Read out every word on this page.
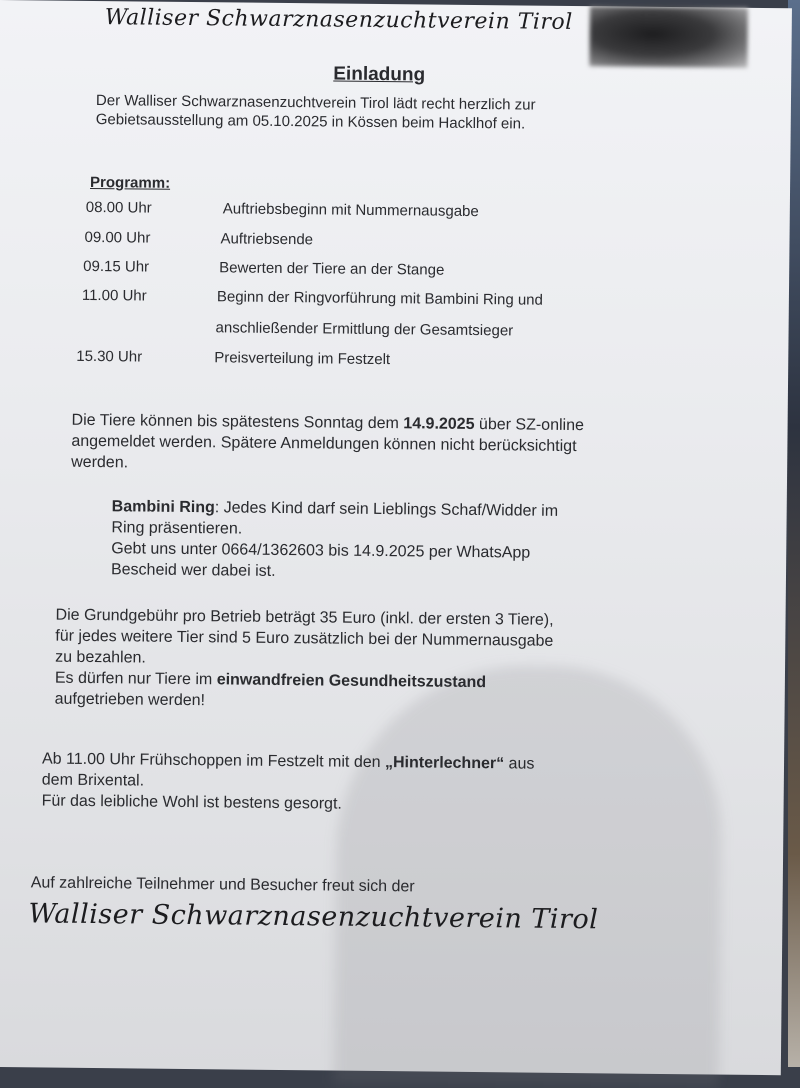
Walliser Schwarznasenzuchtverein Tirol
Einladung
Der Walliser Schwarznasenzuchtverein Tirol lädt recht herzlich zur
Gebietsausstellung am 05.10.2025 in Kössen beim Hacklhof ein.
Programm:
08.00 Uhr	Auftriebsbeginn mit Nummernausgabe
09.00 Uhr	Auftriebsende
09.15 Uhr	Bewerten der Tiere an der Stange
11.00 Uhr	Beginn der Ringvorführung mit Bambini Ring und
anschließender Ermittlung der Gesamtsieger
15.30 Uhr	Preisverteilung im Festzelt
Die Tiere können bis spätestens Sonntag dem 14.9.2025 über SZ-online
angemeldet werden. Spätere Anmeldungen können nicht berücksichtigt
werden.
Bambini Ring: Jedes Kind darf sein Lieblings Schaf/Widder im
Ring präsentieren.
Gebt uns unter 0664/1362603 bis 14.9.2025 per WhatsApp
Bescheid wer dabei ist.
Die Grundgebühr pro Betrieb beträgt 35 Euro (inkl. der ersten 3 Tiere),
für jedes weitere Tier sind 5 Euro zusätzlich bei der Nummernausgabe
zu bezahlen.
Es dürfen nur Tiere im einwandfreien Gesundheitszustand
aufgetrieben werden!
Ab 11.00 Uhr Frühschoppen im Festzelt mit den „Hinterlechner“ aus
dem Brixental.
Für das leibliche Wohl ist bestens gesorgt.
Auf zahlreiche Teilnehmer und Besucher freut sich der
Walliser Schwarznasenzuchtverein Tirol
